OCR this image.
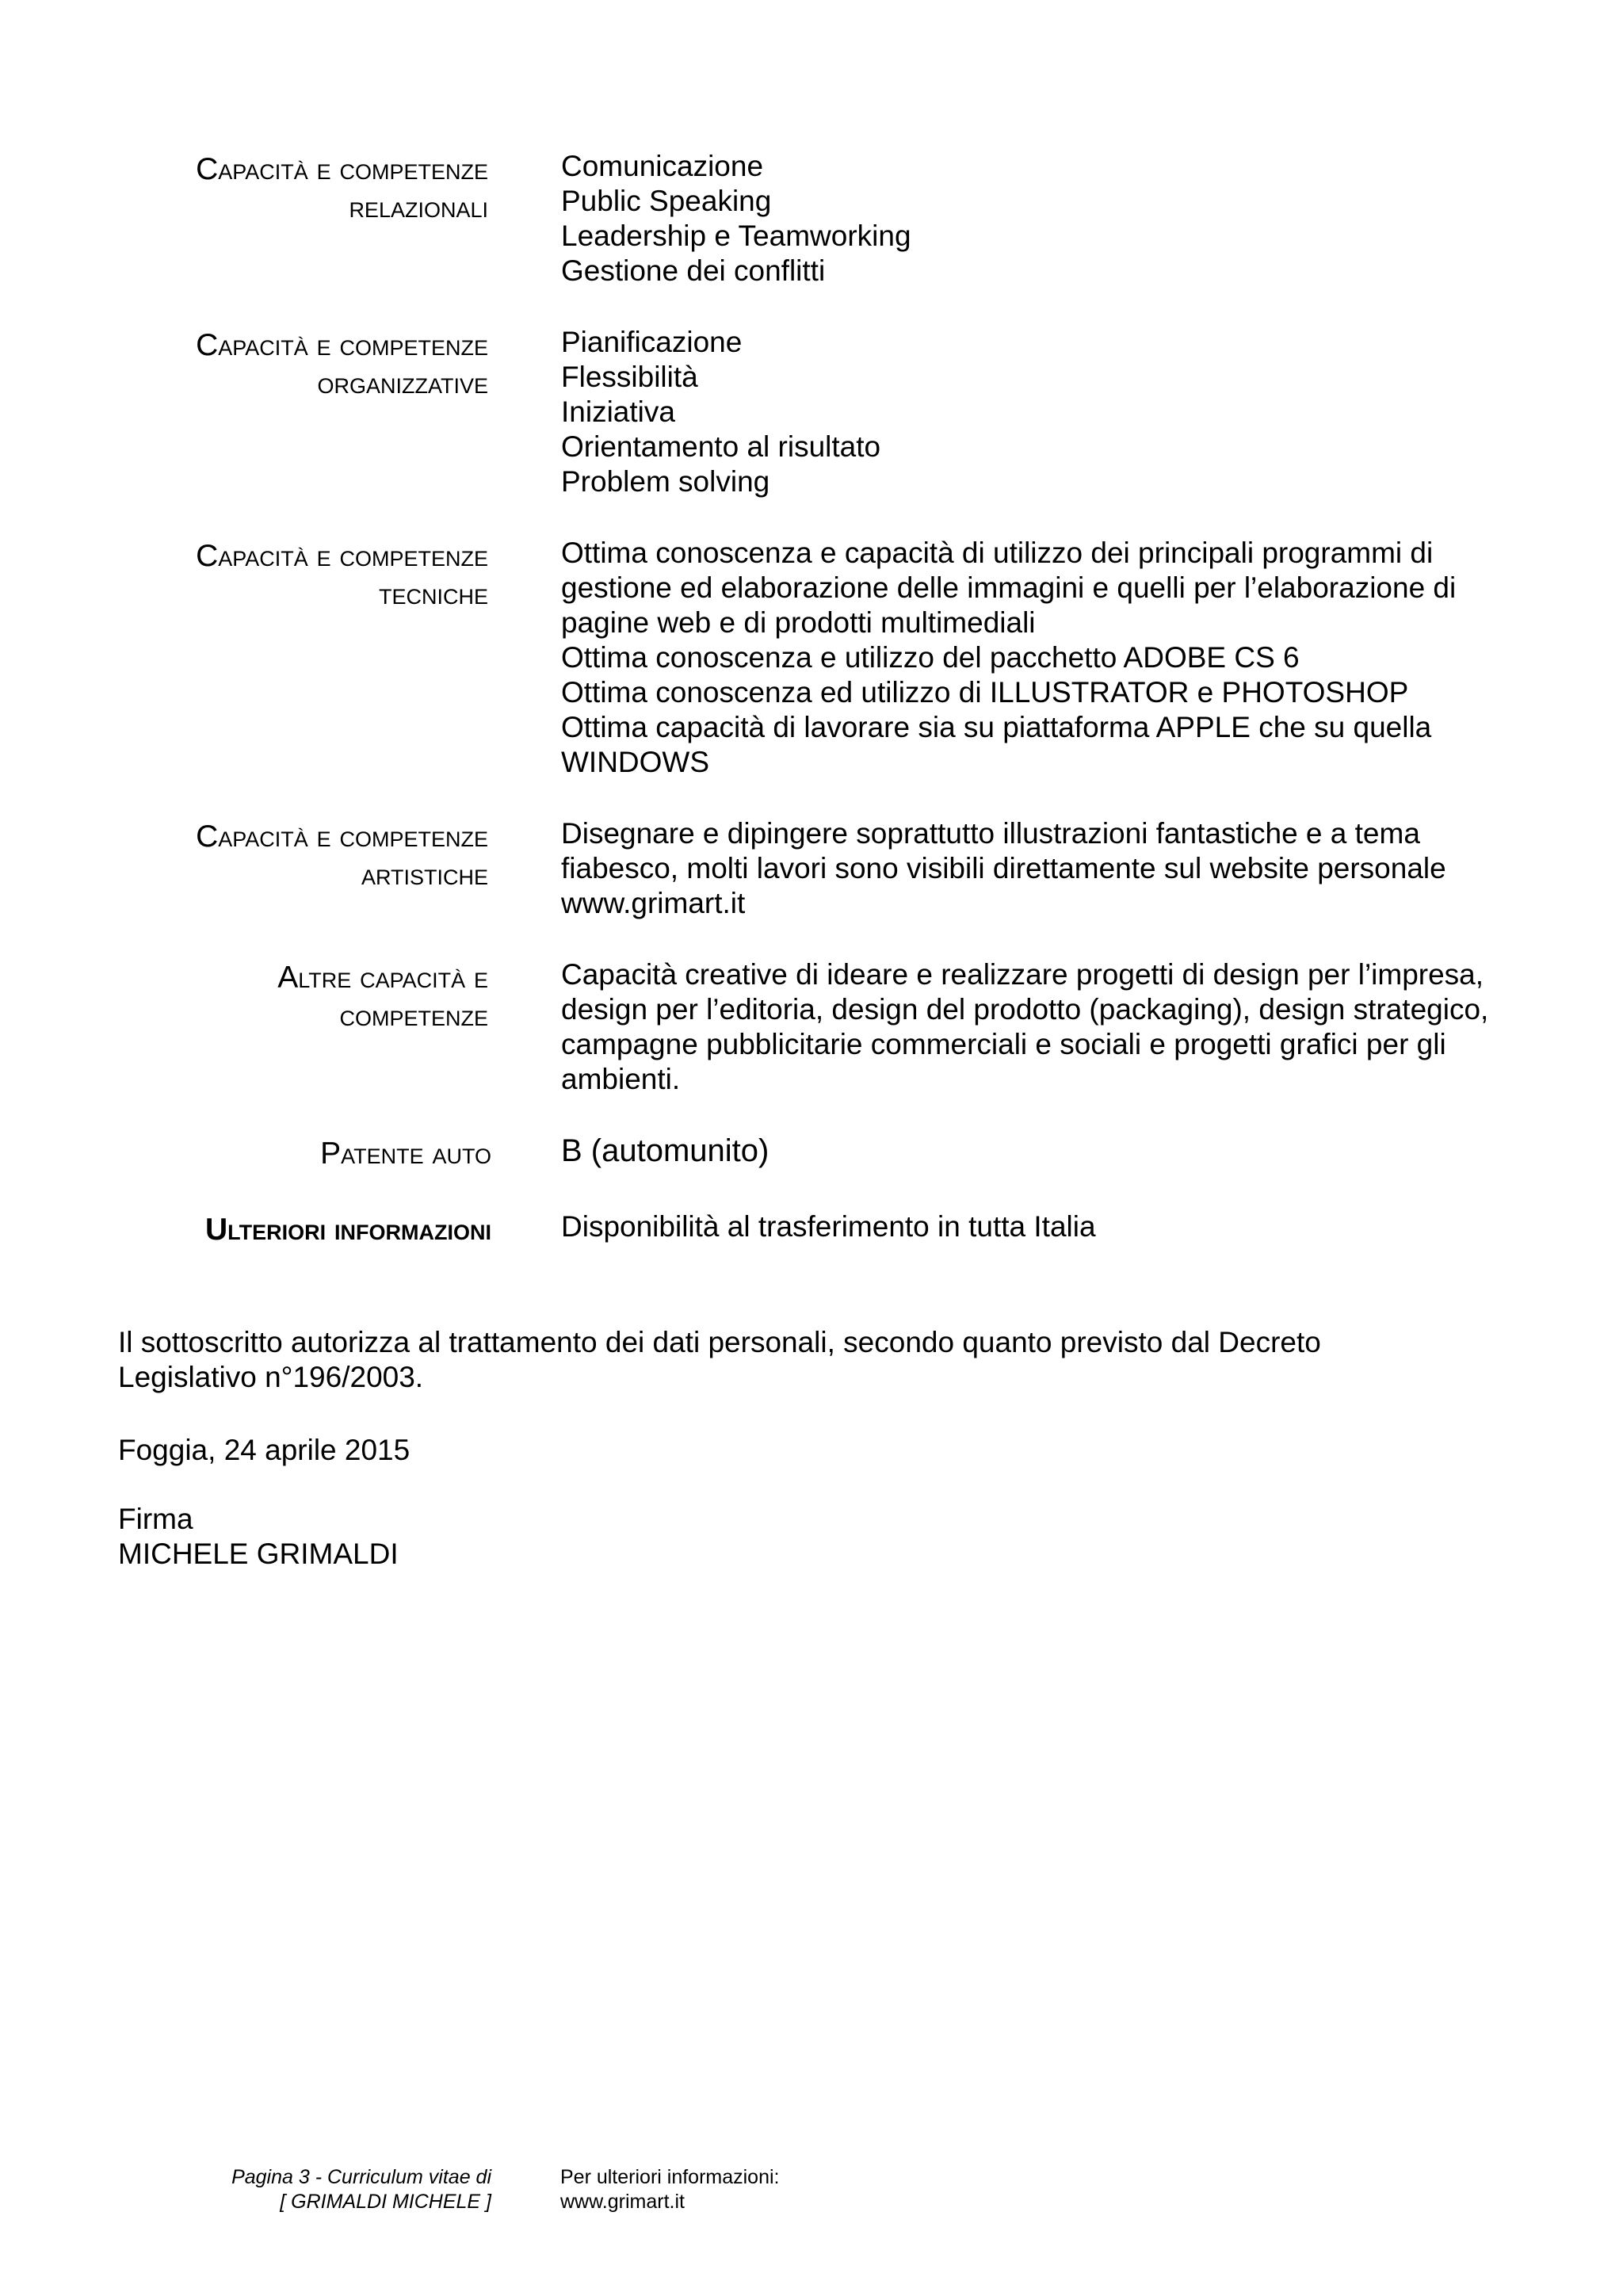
Capacità e competenze
relazionali
Comunicazione
Public Speaking
Leadership e Teamworking
Gestione dei conflitti
Capacità e competenze
organizzative
Pianificazione
Flessibilità
Iniziativa
Orientamento al risultato
Problem solving
Capacità e competenze
tecniche
Ottima conoscenza e capacità di utilizzo dei principali programmi di
gestione ed elaborazione delle immagini e quelli per l’elaborazione di
pagine web e di prodotti multimediali
Ottima conoscenza e utilizzo del pacchetto ADOBE CS 6
Ottima conoscenza ed utilizzo di ILLUSTRATOR e PHOTOSHOP
Ottima capacità di lavorare sia su piattaforma APPLE che su quella
WINDOWS
Capacità e competenze
artistiche
Disegnare e dipingere soprattutto illustrazioni fantastiche e a tema
fiabesco, molti lavori sono visibili direttamente sul website personale
www.grimart.it
Altre capacità e
competenze
Capacità creative di ideare e realizzare progetti di design per l’impresa,
design per l’editoria, design del prodotto (packaging), design strategico,
campagne pubblicitarie commerciali e sociali e progetti grafici per gli
ambienti.
Patente auto B (automunito)
Ulteriori informazioni Disponibilità al trasferimento in tutta Italia
Il sottoscritto autorizza al trattamento dei dati personali, secondo quanto previsto dal Decreto
Legislativo n°196/2003.
Foggia, 24 aprile 2015
Firma
MICHELE GRIMALDI
Pagina 3 - Curriculum vitae di
[ GRIMALDI MICHELE ]
Per ulteriori informazioni:
www.grimart.it
